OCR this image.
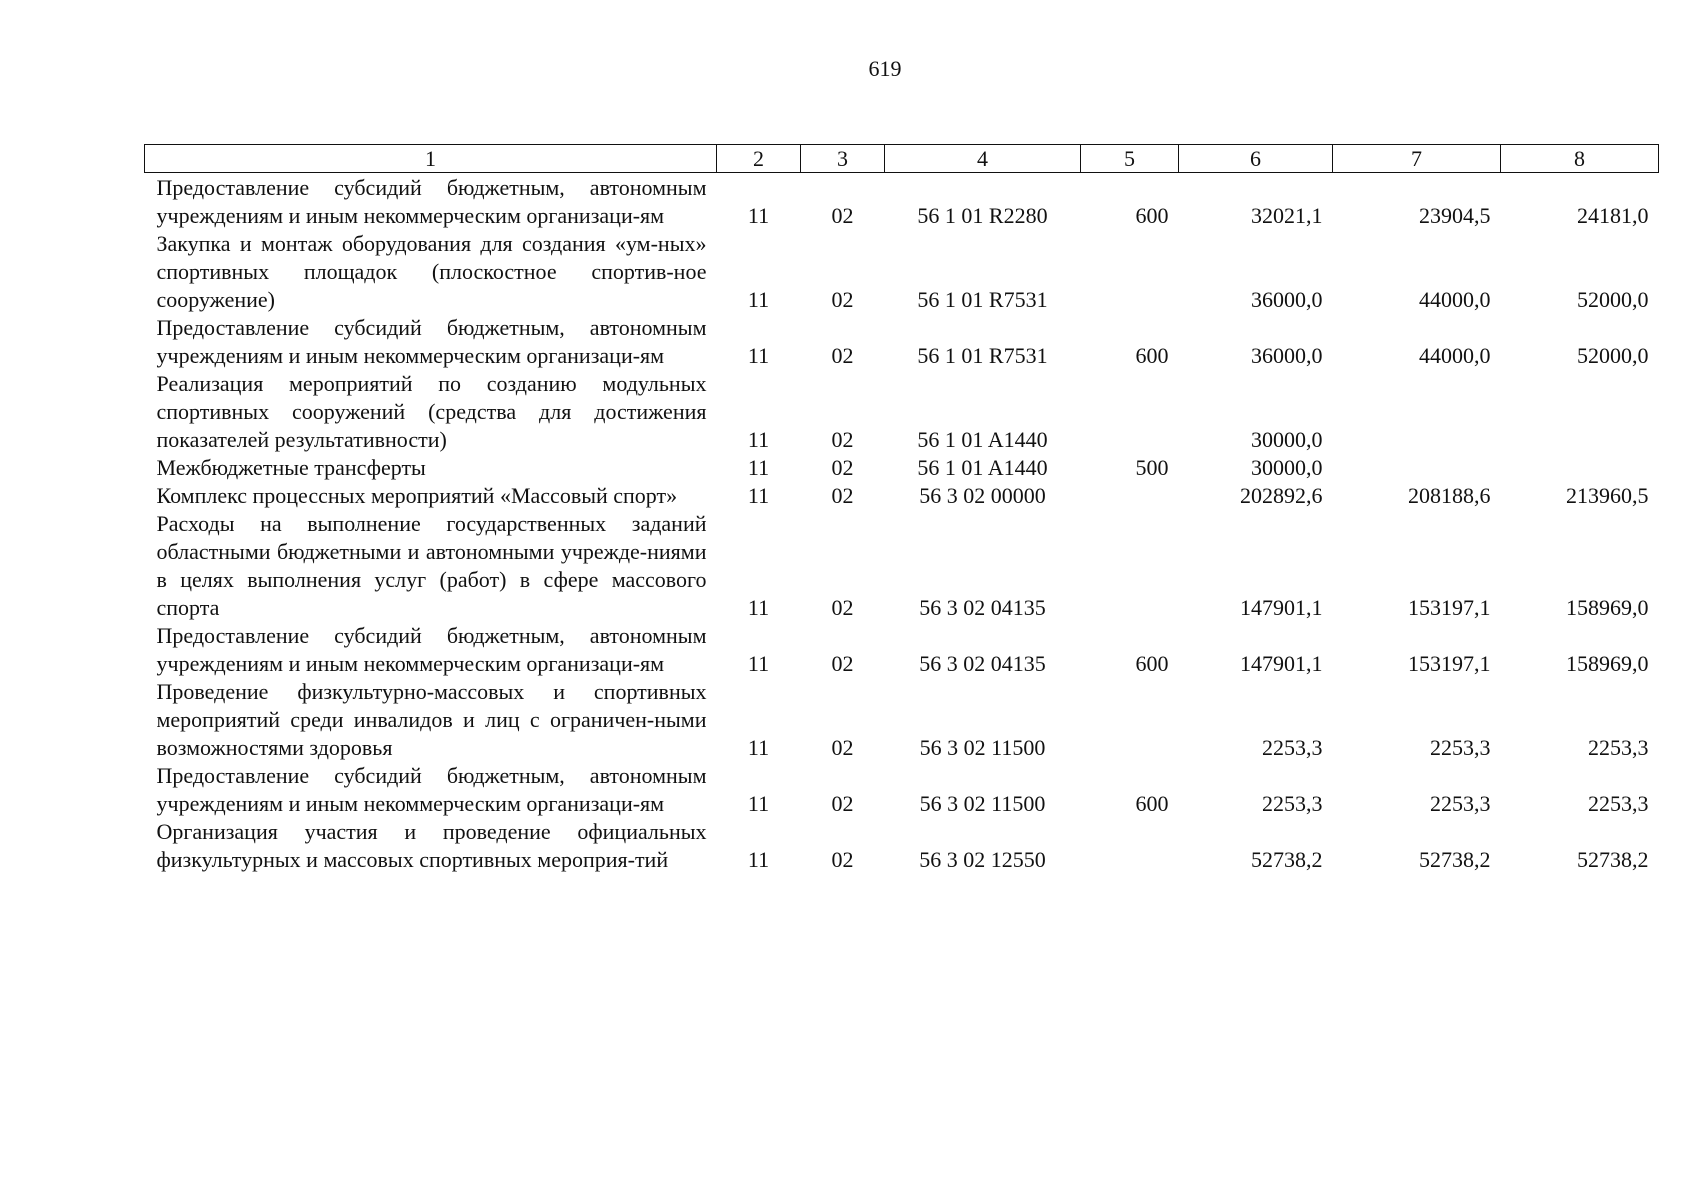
619
1	2	3	4	5	6	7	8
Предоставление субсидий бюджетным, автономным учреждениям и иным некоммерческим организаци-ям	11	02	56 1 01 R2280	600	32021,1	23904,5	24181,0
Закупка и монтаж оборудования для создания «ум-ных» спортивных площадок (плоскостное спортив-ное сооружение)	11	02	56 1 01 R7531		36000,0	44000,0	52000,0
Предоставление субсидий бюджетным, автономным учреждениям и иным некоммерческим организаци-ям	11	02	56 1 01 R7531	600	36000,0	44000,0	52000,0
Реализация мероприятий по созданию модульных спортивных сооружений (средства для достижения показателей результативности)	11	02	56 1 01 A1440		30000,0		
Межбюджетные трансферты	11	02	56 1 01 A1440	500	30000,0		
Комплекс процессных мероприятий «Массовый спорт»	11	02	56 3 02 00000		202892,6	208188,6	213960,5
Расходы на выполнение государственных заданий областными бюджетными и автономными учрежде-ниями в целях выполнения услуг (работ) в сфере массового спорта	11	02	56 3 02 04135		147901,1	153197,1	158969,0
Предоставление субсидий бюджетным, автономным учреждениям и иным некоммерческим организаци-ям	11	02	56 3 02 04135	600	147901,1	153197,1	158969,0
Проведение физкультурно-массовых и спортивных мероприятий среди инвалидов и лиц с ограничен-ными возможностями здоровья	11	02	56 3 02 11500		2253,3	2253,3	2253,3
Предоставление субсидий бюджетным, автономным учреждениям и иным некоммерческим организаци-ям	11	02	56 3 02 11500	600	2253,3	2253,3	2253,3
Организация участия и проведение официальных физкультурных и массовых спортивных мероприя-тий	11	02	56 3 02 12550		52738,2	52738,2	52738,2
